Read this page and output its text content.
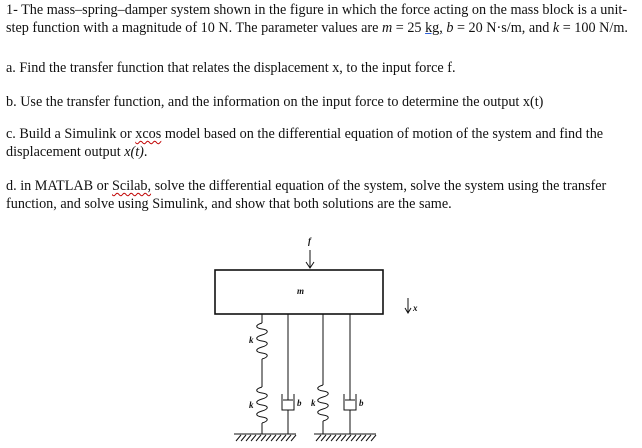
1- The mass–spring–damper system shown in the figure in which the force acting on the mass block is a unit-step function with a magnitude of 10 N. The parameter values are m = 25 kg, b = 20 N·s/m, and k = 100 N/m.
a. Find the transfer function that relates the displacement x, to the input force f.
b. Use the transfer function, and the information on the input force to determine the output x(t)
c. Build a Simulink or xcos model based on the differential equation of motion of the system and find the displacement output x(t).
d. in MATLAB or Scilab, solve the differential equation of the system, solve the system using the transfer function, and solve using Simulink, and show that both solutions are the same.
f
m
x
k
k	b k	b
